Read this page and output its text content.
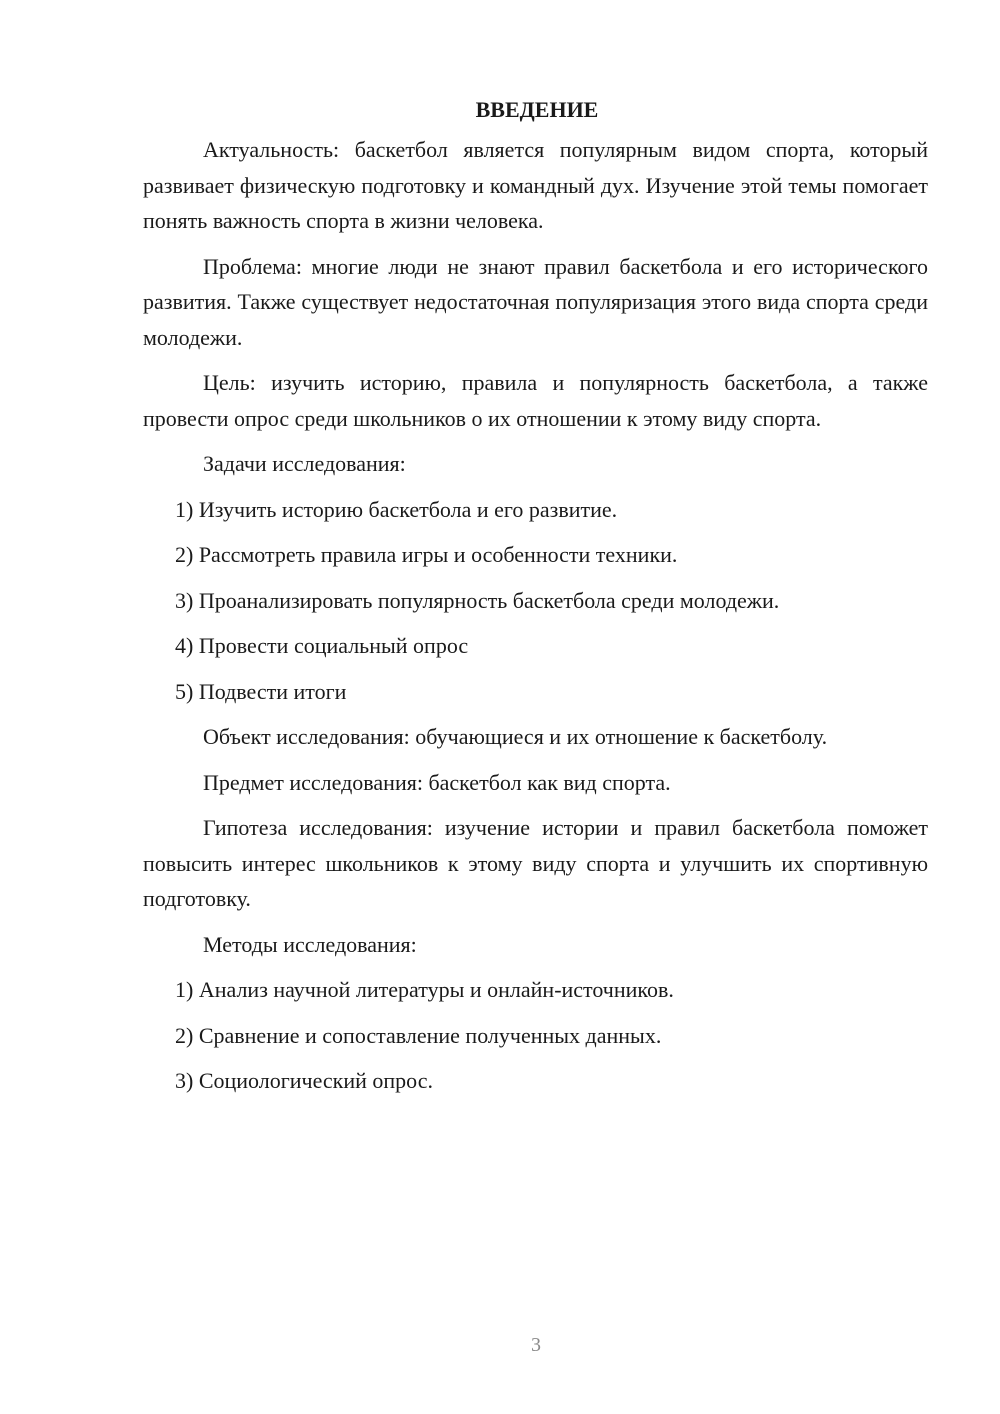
ВВЕДЕНИЕ

Актуальность: баскетбол является популярным видом спорта, который развивает физическую подготовку и командный дух. Изучение этой темы помогает понять важность спорта в жизни человека.

Проблема: многие люди не знают правил баскетбола и его исторического развития. Также существует недостаточная популяризация этого вида спорта среди молодежи.

Цель: изучить историю, правила и популярность баскетбола, а также провести опрос среди школьников о их отношении к этому виду спорта.

Задачи исследования:

1) Изучить историю баскетбола и его развитие.

2) Рассмотреть правила игры и особенности техники.

3) Проанализировать популярность баскетбола среди молодежи.

4) Провести социальный опрос

5) Подвести итоги

Объект исследования: обучающиеся и их отношение к баскетболу.

Предмет исследования: баскетбол как вид спорта.

Гипотеза исследования: изучение истории и правил баскетбола поможет повысить интерес школьников к этому виду спорта и улучшить их спортивную подготовку.

Методы исследования:

1) Анализ научной литературы и онлайн-источников.

2) Сравнение и сопоставление полученных данных.

3) Социологический опрос.

3
